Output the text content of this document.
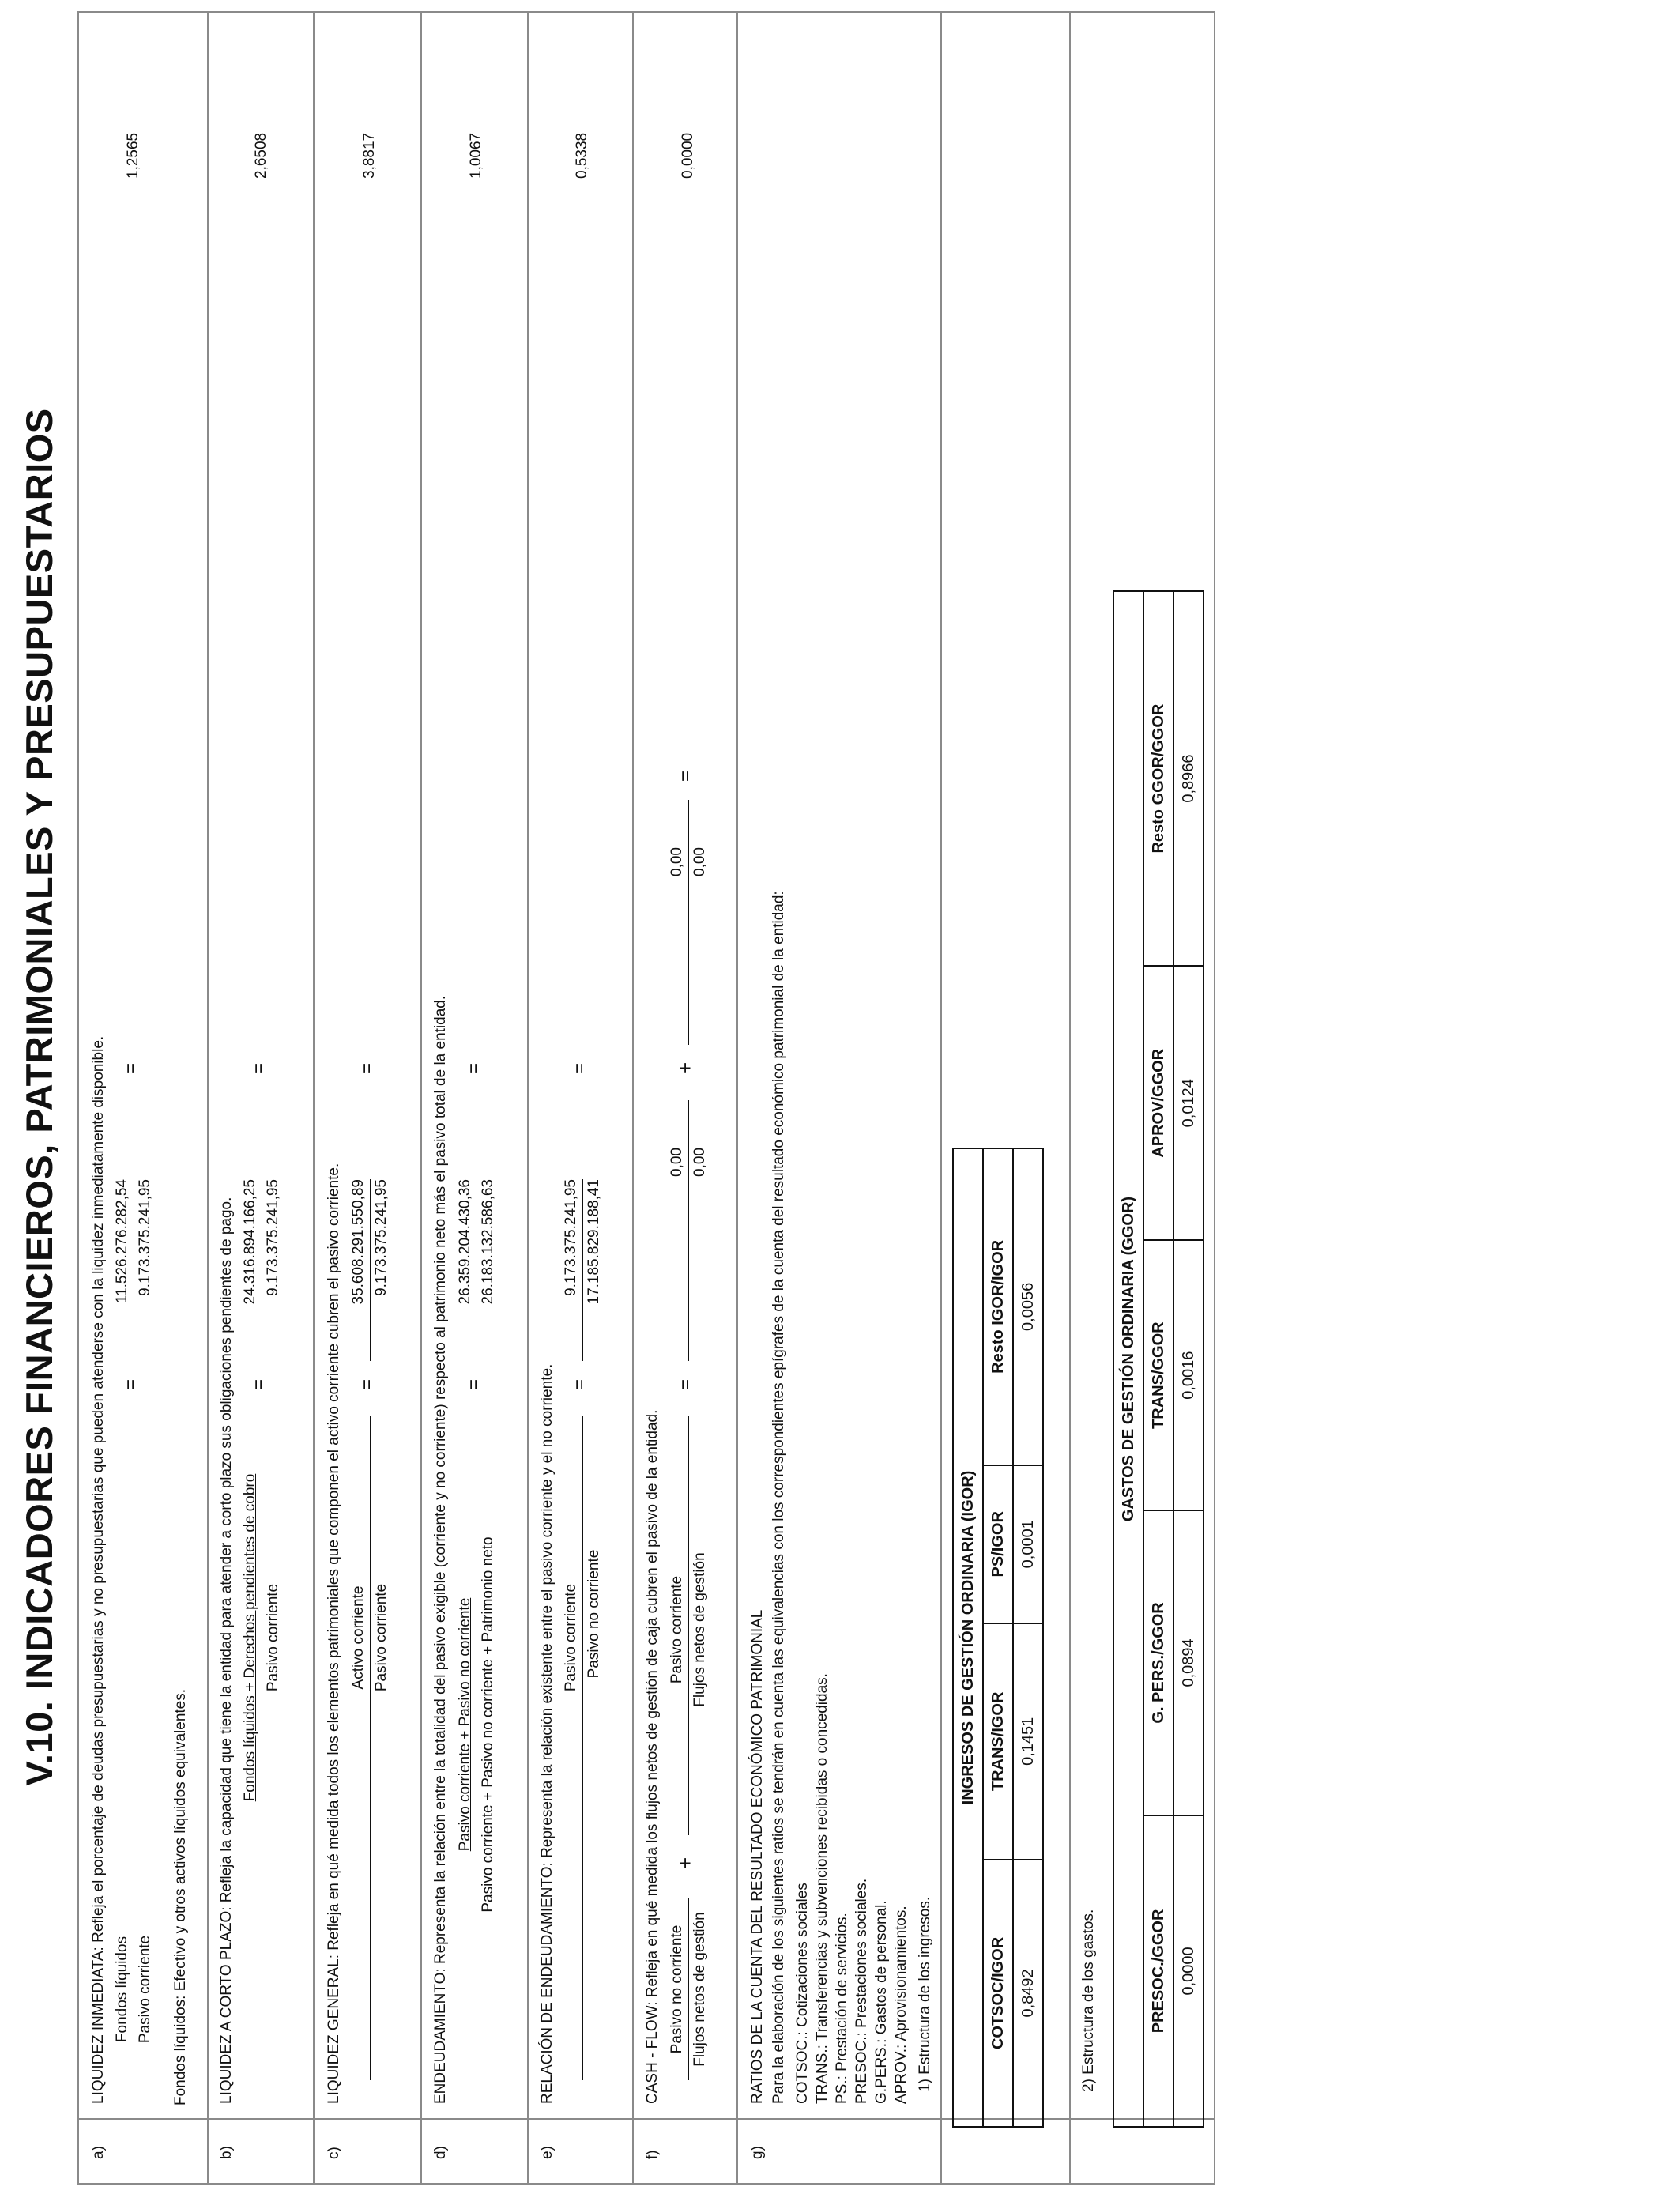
V.10. INDICADORES FINANCIEROS, PATRIMONIALES Y PRESUPUESTARIOS
a)
LIQUIDEZ INMEDIATA: Refleja el porcentaje de deudas presupuestarias y no presupuestarias que pueden atenderse con la liquidez inmediatamente disponible. Fondos líquidos Pasivo corriente
=
11.526.276.282,54 9.173.375.241,95
=
1,2565
Fondos líquidos: Efectivo y otros activos líquidos equivalentes.
b)
LIQUIDEZ A CORTO PLAZO: Refleja la capacidad que tiene la entidad para atender a corto plazo sus obligaciones pendientes de pago. Fondos líquidos + Derechos pendientes de cobro Pasivo corriente
=
24.316.894.166,25 9.173.375.241,95
=
2,6508
c)
LIQUIDEZ GENERAL: Refleja en qué medida todos los elementos patrimoniales que componen el activo corriente cubren el pasivo corriente. Activo corriente Pasivo corriente
=
35.608.291.550,89 9.173.375.241,95
=
3,8817
d)
ENDEUDAMIENTO: Representa la relación entre la totalidad del pasivo exigible (corriente y no corriente) respecto al patrimonio neto más el pasivo total de la entidad. Pasivo corriente + Pasivo no corriente Pasivo corriente + Pasivo no corriente + Patrimonio neto
=
26.359.204.430,36 26.183.132.586,63
=
1,0067
e)
RELACIÓN DE ENDEUDAMIENTO: Representa la relación existente entre el pasivo corriente y el no corriente. Pasivo corriente Pasivo no corriente
=
9.173.375.241,95 17.185.829.188,41
=
0,5338
f)
CASH - FLOW: Refleja en qué medida los flujos netos de gestión de caja cubren el pasivo de la entidad. Pasivo no corriente Flujos netos de gestión
+
Pasivo corriente Flujos netos de gestión
=
0,00 0,00
+
0,00 0,00
=
0,0000
g)
RATIOS DE LA CUENTA DEL RESULTADO ECONÓMICO PATRIMONIAL Para la elaboración de los siguientes ratios se tendrán en cuenta las equivalencias con los correspondientes epígrafes de la cuenta del resultado económico patrimonial de la entidad: COTSOC.: Cotizaciones sociales TRANS.: Transferencias y subvenciones recibidas o concedidas. PS.: Prestación de servicios. PRESOC.: Prestaciones sociales. G.PERS.: Gastos de personal. APROV.: Aprovisionamientos. 1) Estructura de los ingresos.
INGRESOS DE GESTIÓN ORDINARIA (IGOR)			
COTSOC/IGOR	TRANS/IGOR	PS/IGOR	Resto IGOR/IGOR
0,8492	0,1451	0,0001	0,0056
2) Estructura de los gastos.
GASTOS DE GESTIÓN ORDINARIA (GGOR)				
PRESOC./GGOR	G. PERS./GGOR	TRANS/GGOR	APROV/GGOR	Resto GGOR/GGOR
0,0000	0,0894	0,0016	0,0124	0,8966
